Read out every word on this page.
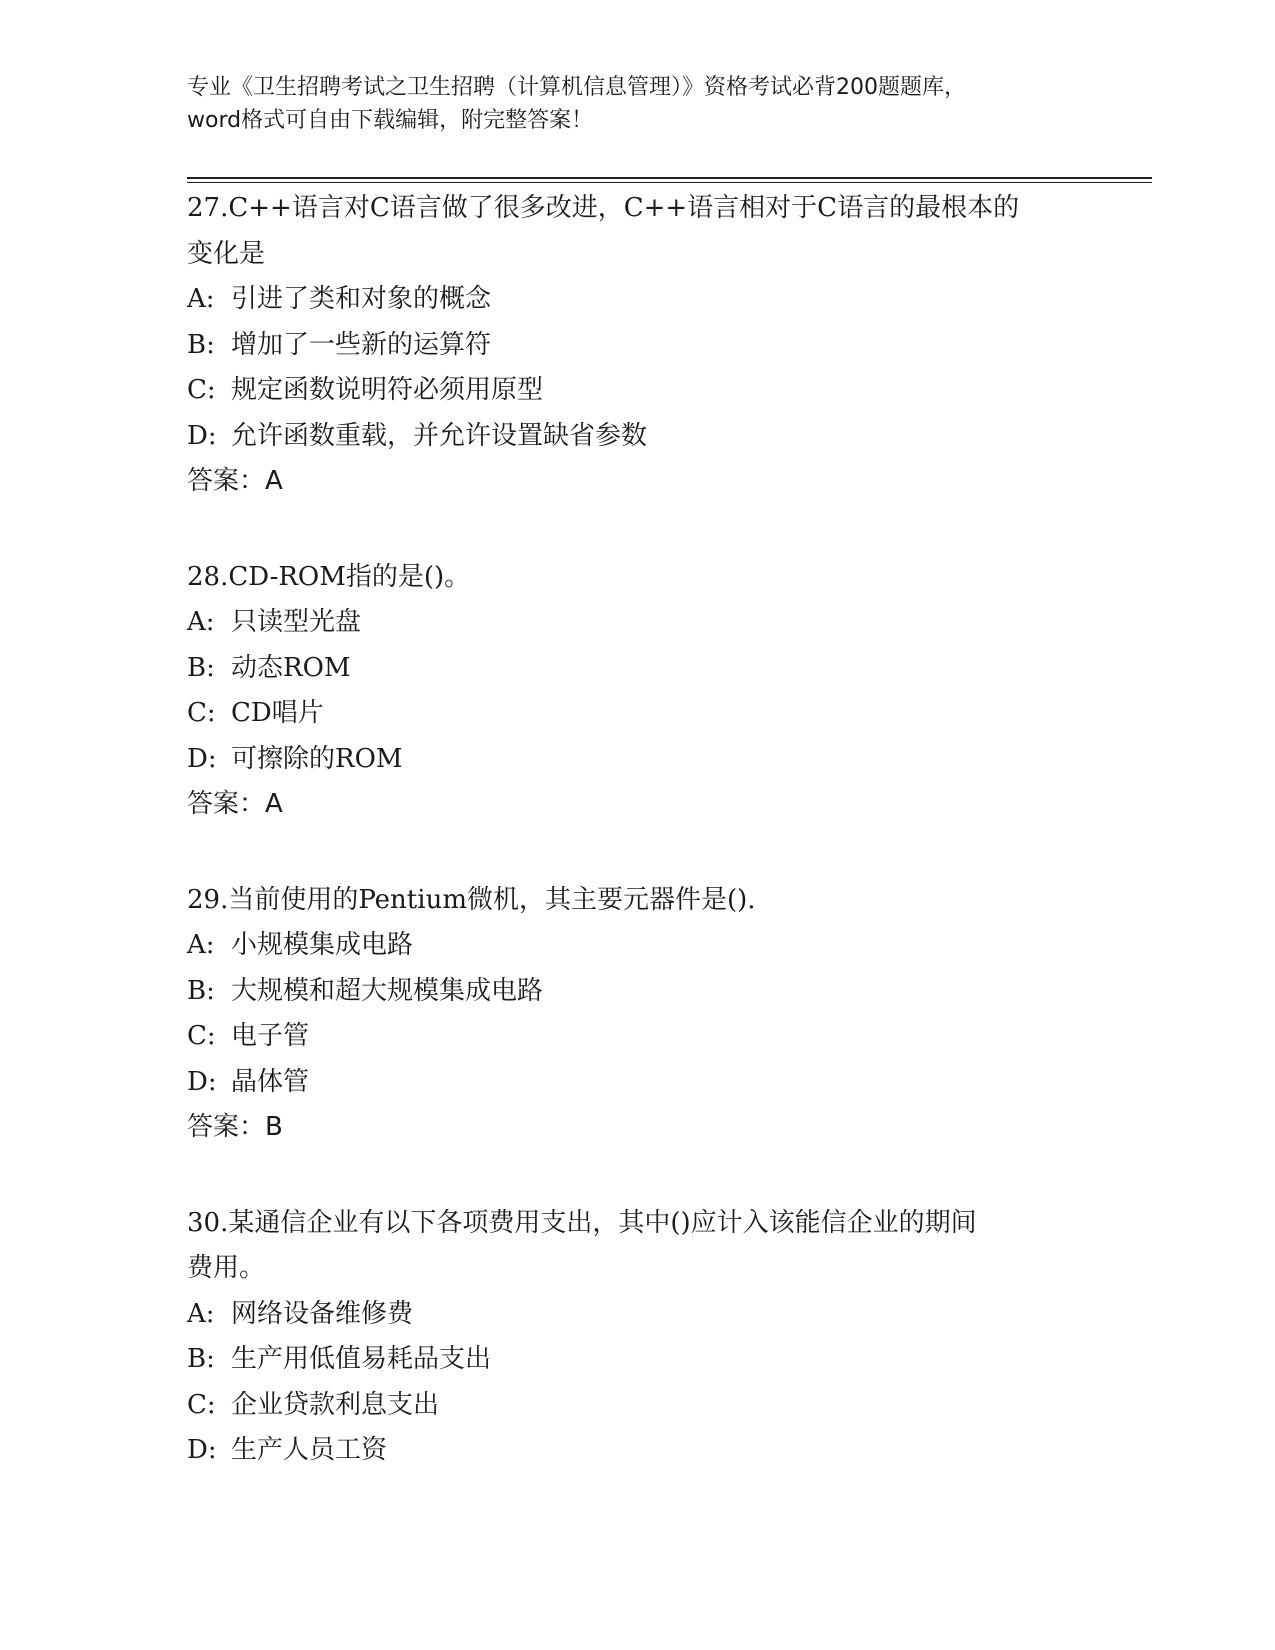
专业《卫生招聘考试之卫生招聘（计算机信息管理）》资格考试必背200题题库，
word格式可自由下载编辑，附完整答案！
27.C++语言对C语言做了很多改进，C++语言相对于C语言的最根本的
变化是
A: 引进了类和对象的概念
B: 增加了一些新的运算符
C: 规定函数说明符必须用原型
D: 允许函数重载，并允许设置缺省参数
答案：A
28.CD-ROM指的是()。
A: 只读型光盘
B: 动态ROM
C: CD唱片
D: 可擦除的ROM
答案：A
29.当前使用的Pentium微机，其主要元器件是().
A: 小规模集成电路
B: 大规模和超大规模集成电路
C: 电子管
D: 晶体管
答案：B
30.某通信企业有以下各项费用支出，其中()应计入该能信企业的期间
费用。
A: 网络设备维修费
B: 生产用低值易耗品支出
C: 企业贷款利息支出
D: 生产人员工资
